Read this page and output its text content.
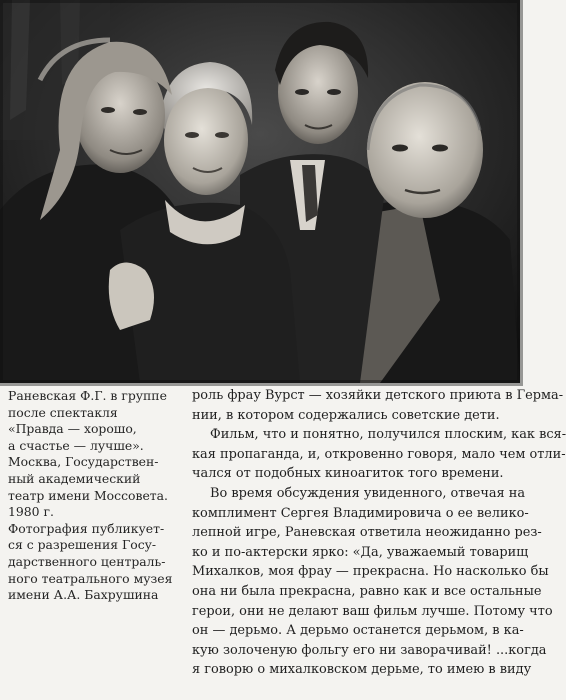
Раневская Ф.Г. в группе
после спектакля
«Правда — хорошо,
а счастье — лучше».
Москва, Государствен-
ный академический
театр имени Моссовета.
1980 г.
Фотография публикует-
ся с разрешения Госу-
дарственного централь-
ного театрального музея
имени А.А. Бахрушина
роль фрау Вурст — хозяйки детского приюта в Герма-
нии, в котором содержались советские дети.
Фильм, что и понятно, получился плоским, как вся-
кая пропаганда, и, откровенно говоря, мало чем отли-
чался от подобных киноагиток того времени.
Во время обсуждения увиденного, отвечая на
комплимент Сергея Владимировича о ее велико-
лепной игре, Раневская ответила неожиданно рез-
ко и по-актерски ярко: «Да, уважаемый товарищ
Михалков, моя фрау — прекрасна. Но насколько бы
она ни была прекрасна, равно как и все остальные
герои, они не делают ваш фильм лучше. Потому что
он — дерьмо. А дерьмо останется дерьмом, в ка-
кую золоченую фольгу его ни заворачивай! ...когда
я говорю о михалковском дерьме, то имею в виду
